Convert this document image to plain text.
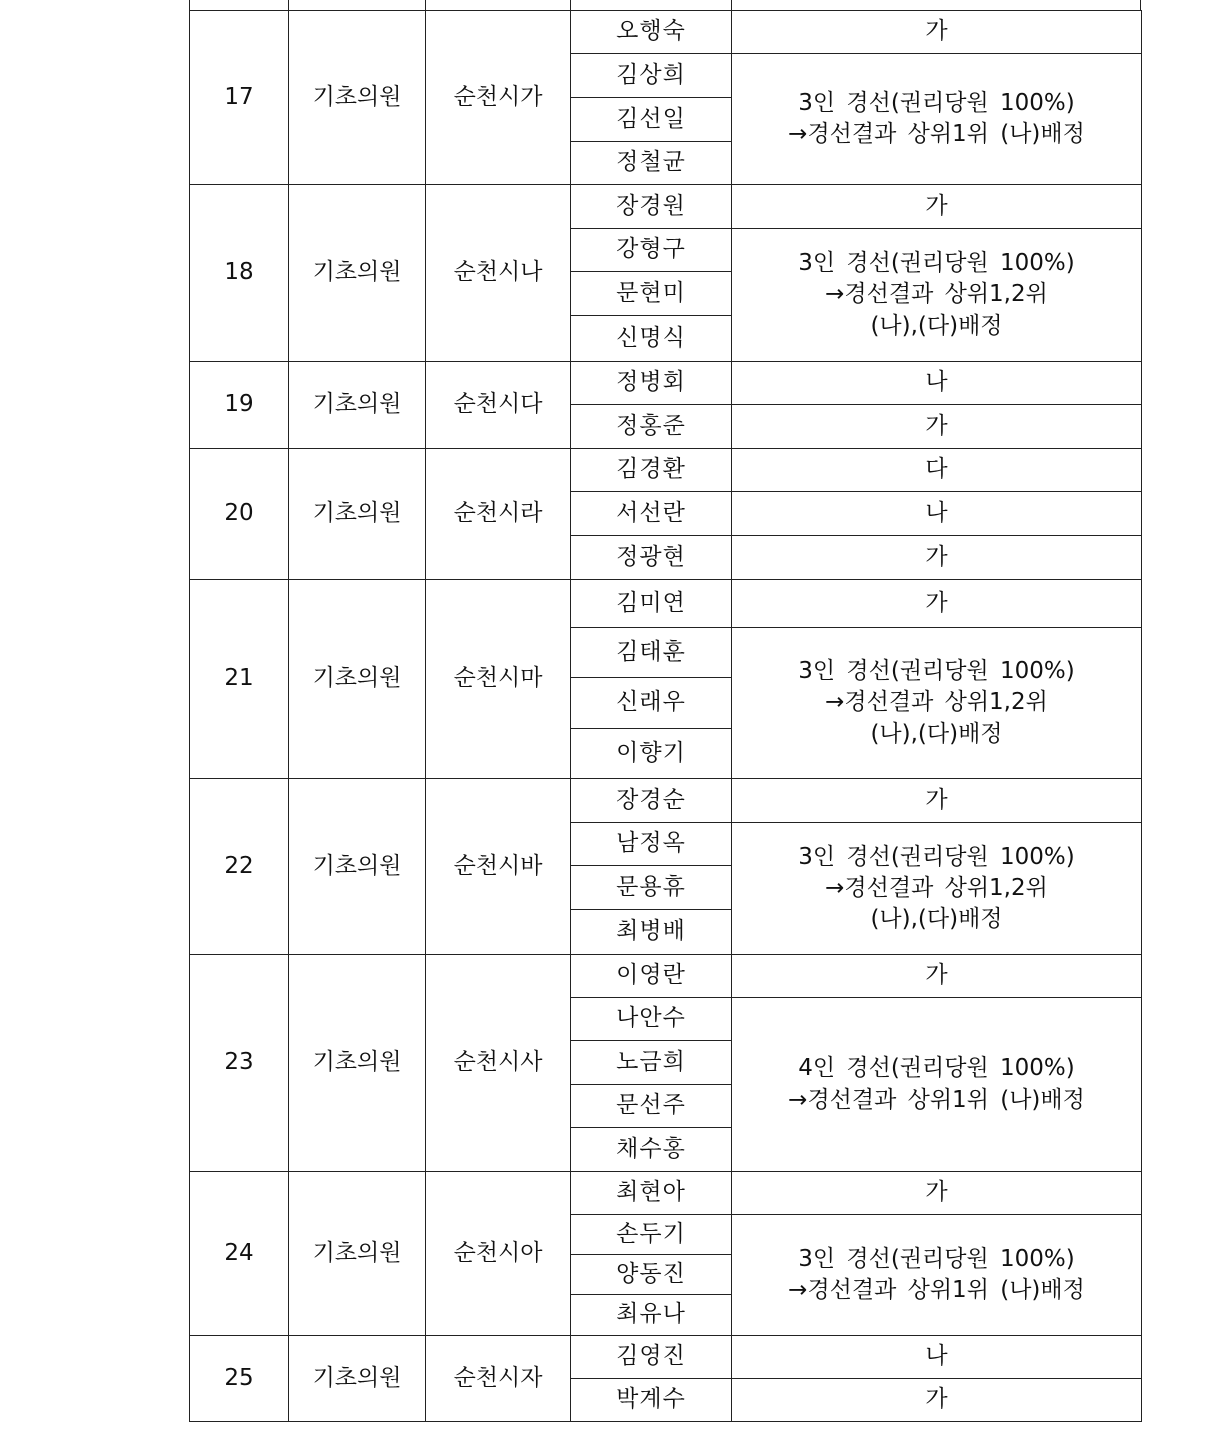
17	기초의원	순천시가	오행숙	가
			김상희	3인 경선(권리당원 100%)
→경선결과 상위1위 (나)배정
			김선일	
			정철균	
18	기초의원	순천시나	장경원	가
			강형구	3인 경선(권리당원 100%)
→경선결과 상위1,2위
(나),(다)배정
			문현미	
			신명식	
19	기초의원	순천시다	정병회	나
			정홍준	가
20	기초의원	순천시라	김경환	다
			서선란	나
			정광현	가
21	기초의원	순천시마	김미연	가
			김태훈	3인 경선(권리당원 100%)
→경선결과 상위1,2위
(나),(다)배정
			신래우	
			이향기	
22	기초의원	순천시바	장경순	가
			남정옥	3인 경선(권리당원 100%)
→경선결과 상위1,2위
(나),(다)배정
			문용휴	
			최병배	
23	기초의원	순천시사	이영란	가
			나안수	4인 경선(권리당원 100%)
→경선결과 상위1위 (나)배정
			노금희	
			문선주	
			채수홍	
24	기초의원	순천시아	최현아	가
			손두기	3인 경선(권리당원 100%)
→경선결과 상위1위 (나)배정
			양동진	
			최유나	
25	기초의원	순천시자	김영진	나
			박계수	가
